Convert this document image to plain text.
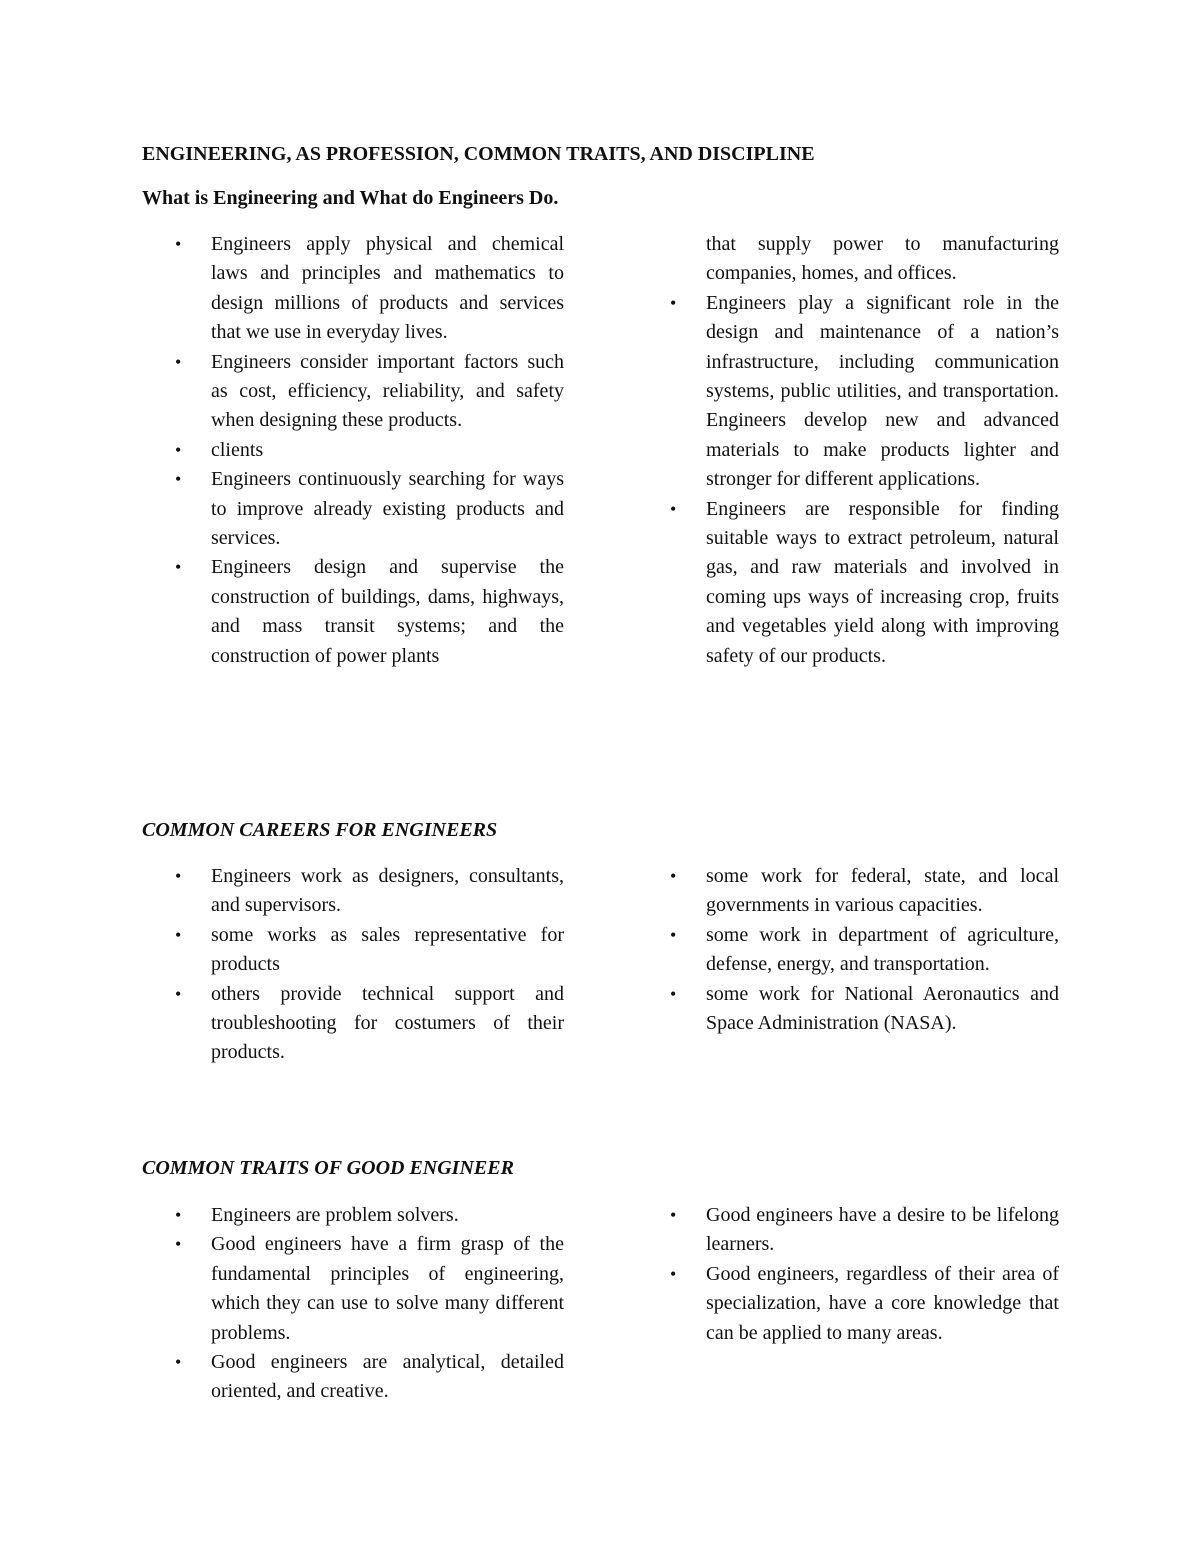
ENGINEERING, AS PROFESSION, COMMON TRAITS, AND DISCIPLINE
What is Engineering and What do Engineers Do.
• Engineers apply physical and chemical laws and principles and mathematics to design millions of products and services that we use in everyday lives.
• Engineers consider important factors such as cost, efficiency, reliability, and safety when designing these products.
• clients
• Engineers continuously searching for ways to improve already existing products and services.
• Engineers design and supervise the construction of buildings, dams, highways, and mass transit systems; and the construction of power plants
that supply power to manufacturing companies, homes, and offices.
• Engineers play a significant role in the design and maintenance of a nation’s infrastructure, including communication systems, public utilities, and transportation. Engineers develop new and advanced materials to make products lighter and stronger for different applications.
• Engineers are responsible for finding suitable ways to extract petroleum, natural gas, and raw materials and involved in coming ups ways of increasing crop, fruits and vegetables yield along with improving safety of our products.
COMMON CAREERS FOR ENGINEERS
• Engineers work as designers, consultants, and supervisors.
• some works as sales representative for products
• others provide technical support and troubleshooting for costumers of their products.
• some work for federal, state, and local governments in various capacities.
• some work in department of agriculture, defense, energy, and transportation.
• some work for National Aeronautics and Space Administration (NASA).
COMMON TRAITS OF GOOD ENGINEER
• Engineers are problem solvers.
• Good engineers have a firm grasp of the fundamental principles of engineering, which they can use to solve many different problems.
• Good engineers are analytical, detailed oriented, and creative.
• Good engineers have a desire to be lifelong learners.
• Good engineers, regardless of their area of specialization, have a core knowledge that can be applied to many areas.
